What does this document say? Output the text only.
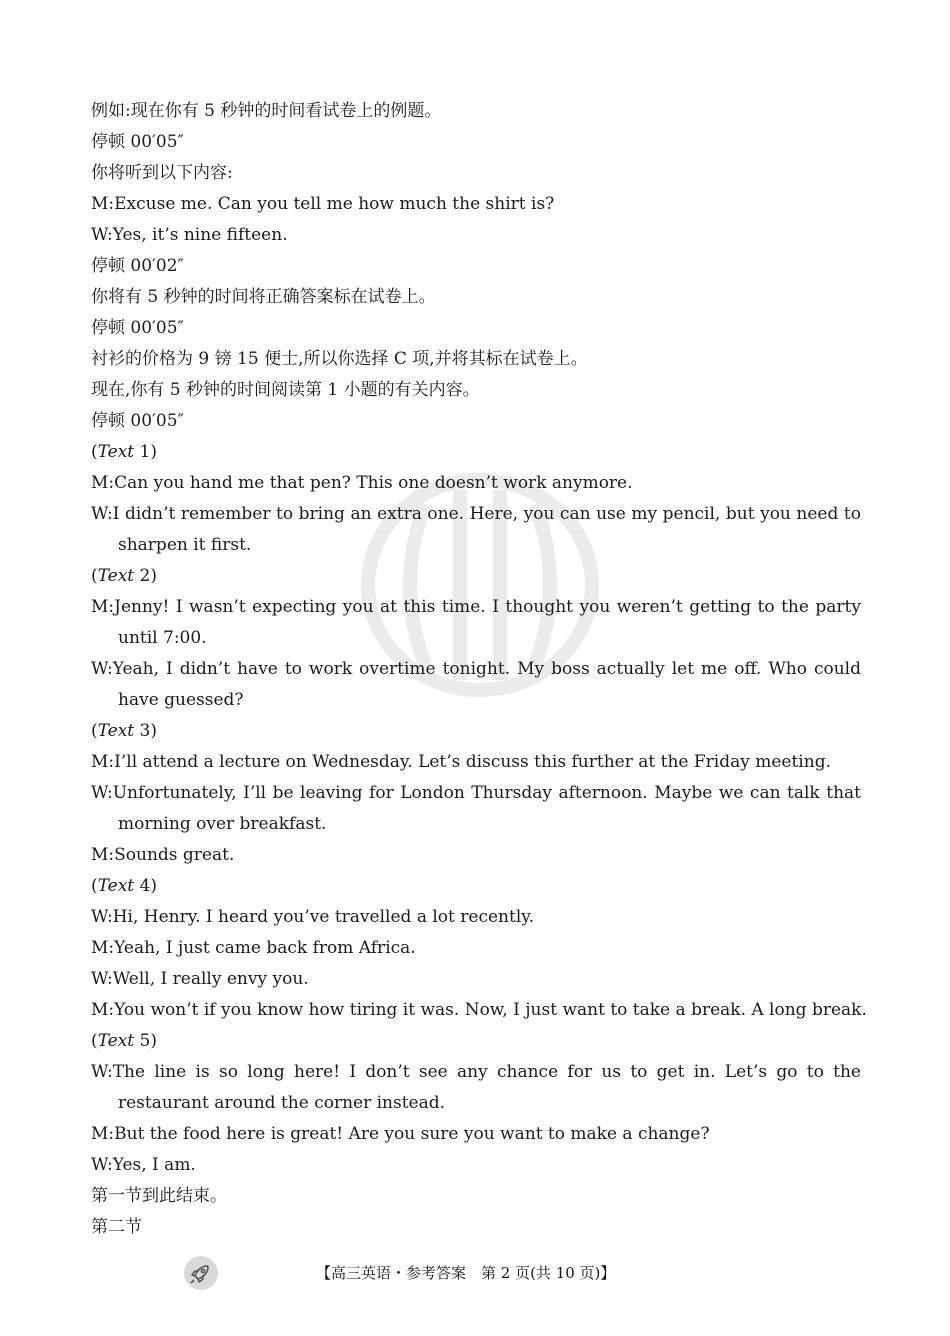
例如:现在你有 5 秒钟的时间看试卷上的例题。
停顿 00′05″
你将听到以下内容:
M:Excuse me. Can you tell me how much the shirt is?
W:Yes, it’s nine fifteen.
停顿 00′02″
你将有 5 秒钟的时间将正确答案标在试卷上。
停顿 00′05″
衬衫的价格为 9 镑 15 便士,所以你选择 C 项,并将其标在试卷上。
现在,你有 5 秒钟的时间阅读第 1 小题的有关内容。
停顿 00′05″
(Text 1)
M:Can you hand me that pen? This one doesn’t work anymore.
W:I didn’t remember to bring an extra one. Here, you can use my pencil, but you need to sharpen it first.
(Text 2)
M:Jenny! I wasn’t expecting you at this time. I thought you weren’t getting to the party until 7:00.
W:Yeah, I didn’t have to work overtime tonight. My boss actually let me off. Who could have guessed?
(Text 3)
M:I’ll attend a lecture on Wednesday. Let’s discuss this further at the Friday meeting.
W:Unfortunately, I’ll be leaving for London Thursday afternoon. Maybe we can talk that morning over breakfast.
M:Sounds great.
(Text 4)
W:Hi, Henry. I heard you’ve travelled a lot recently.
M:Yeah, I just came back from Africa.
W:Well, I really envy you.
M:You won’t if you know how tiring it was. Now, I just want to take a break. A long break.
(Text 5)
W:The line is so long here! I don’t see any chance for us to get in. Let’s go to the restaurant around the corner instead.
M:But the food here is great! Are you sure you want to make a change?
W:Yes, I am.
第一节到此结束。
第二节
【高三英语・参考答案　第 2 页(共 10 页)】
